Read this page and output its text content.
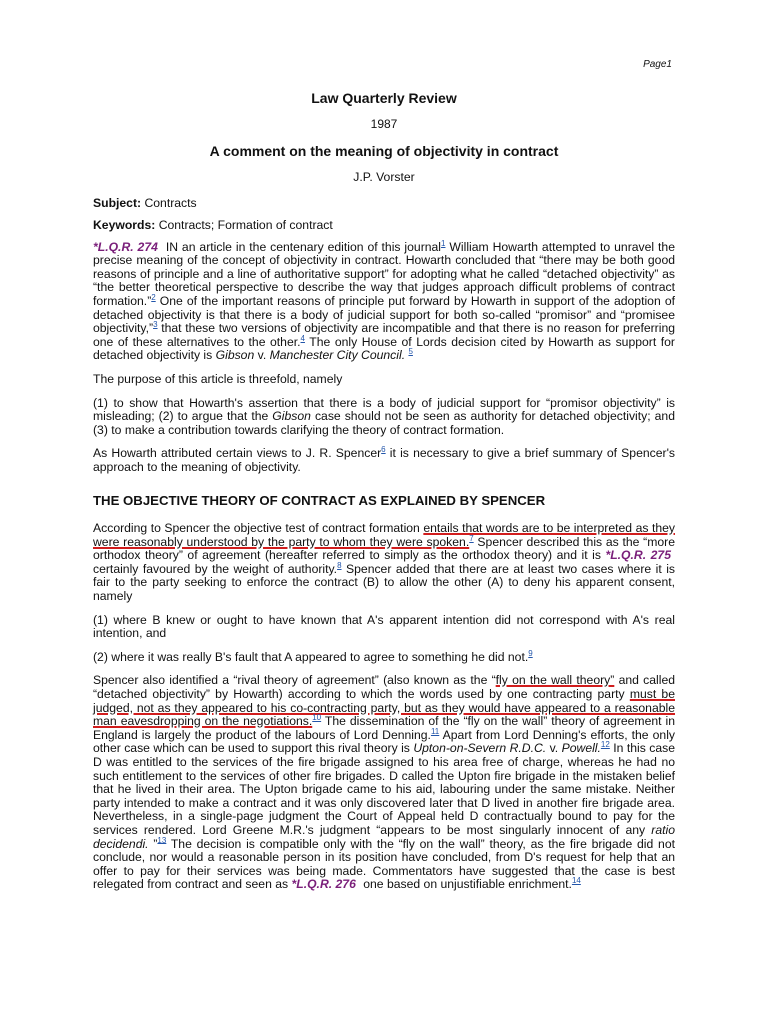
Page1
Law Quarterly Review
1987
A comment on the meaning of objectivity in contract
J.P. Vorster
Subject: Contracts
Keywords: Contracts; Formation of contract

*L.Q.R. 274 IN an article in the centenary edition of this journal$^1$ William Howarth attempted to unravel the precise meaning of the concept of objectivity in contract. Howarth concluded that “there may be both good reasons of principle and a line of authoritative support” for adopting what he called “detached objectivity” as “the better theoretical perspective to describe the way that judges approach difficult problems of contract formation.”$^2$ One of the important reasons of principle put forward by Howarth in support of the adoption of detached objectivity is that there is a body of judicial support for both so-called “promisor” and “promisee objectivity,”$^3$ that these two versions of objectivity are incompatible and that there is no reason for preferring one of these alternatives to the other.$^4$ The only House of Lords decision cited by Howarth as support for detached objectivity is Gibson v. Manchester City Council. $^5$

The purpose of this article is threefold, namely

(1) to show that Howarth's assertion that there is a body of judicial support for “promisor objectivity” is misleading; (2) to argue that the Gibson case should not be seen as authority for detached objectivity; and (3) to make a contribution towards clarifying the theory of contract formation.

As Howarth attributed certain views to J. R. Spencer$^6$ it is necessary to give a brief summary of Spencer's approach to the meaning of objectivity.

THE OBJECTIVE THEORY OF CONTRACT AS EXPLAINED BY SPENCER

According to Spencer the objective test of contract formation entails that words are to be interpreted as they were reasonably understood by the party to whom they were spoken.$^7$ Spencer described this as the “more orthodox theory” of agreement (hereafter referred to simply as the orthodox theory) and it is *L.Q.R. 275 certainly favoured by the weight of authority.$^8$ Spencer added that there are at least two cases where it is fair to the party seeking to enforce the contract (B) to allow the other (A) to deny his apparent consent, namely

(1) where B knew or ought to have known that A's apparent intention did not correspond with A's real intention, and

(2) where it was really B's fault that A appeared to agree to something he did not.$^9$

Spencer also identified a “rival theory of agreement” (also known as the “fly on the wall theory” and called “detached objectivity” by Howarth) according to which the words used by one contracting party must be judged, not as they appeared to his co-contracting party, but as they would have appeared to a reasonable man eavesdropping on the negotiations.$^{10}$ The dissemination of the “fly on the wall” theory of agreement in England is largely the product of the labours of Lord Denning.$^{11}$ Apart from Lord Denning's efforts, the only other case which can be used to support this rival theory is Upton-on-Severn R.D.C. v. Powell.$^{12}$ In this case D was entitled to the services of the fire brigade assigned to his area free of charge, whereas he had no such entitlement to the services of other fire brigades. D called the Upton fire brigade in the mistaken belief that he lived in their area. The Upton brigade came to his aid, labouring under the same mistake. Neither party intended to make a contract and it was only discovered later that D lived in another fire brigade area. Nevertheless, in a single-page judgment the Court of Appeal held D contractually bound to pay for the services rendered. Lord Greene M.R.'s judgment “appears to be most singularly innocent of any ratio decidendi. ”$^{13}$ The decision is compatible only with the “fly on the wall” theory, as the fire brigade did not conclude, nor would a reasonable person in its position have concluded, from D's request for help that an offer to pay for their services was being made. Commentators have suggested that the case is best relegated from contract and seen as *L.Q.R. 276 one based on unjustifiable enrichment.$^{14}$
